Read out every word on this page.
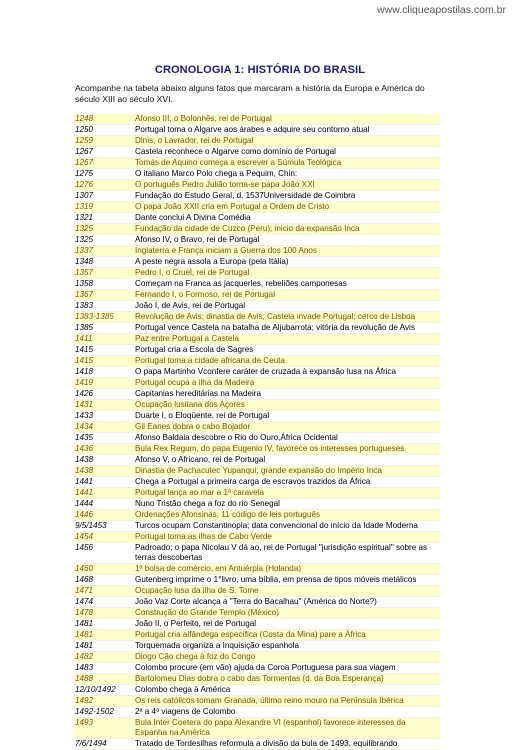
www.cliqueapostilas.com.br
CRONOLOGIA 1: HISTÓRIA DO BRASIL
Acompanhe na tabela abaixo alguns fatos que marcaram a história da Europa e América do século XIII ao século XVI.
1248	Afonso III, o Bolonhês, rei de Portugal
1250	Portugal toma o Algarve aos árabes e adquire seu contorno atual
1259	Dinis, o Lavrador, rei de Portugal
1267	Castela reconhece o Algarve como domínio de Portugal
1267	Tomás de Aquino começa a escrever a Súmula Teológica
1275	O italiano Marco Polo chega a Pequim, Chin:
1276	O português Pedro Julião torna-se papa João XXI
1307	Fundação do Estudo Geral, d. 1537Universidade de Coimbra
1319	O papa João XXII cria em Portugal a Ordem de Cristo
1321	Dante conclui A Divina Comédia
1325	Fundação da cidade de Cuzco (Peru); inicio da expansão Inca
1325	Afonso IV, o Bravo, rei de Portugal
1337	Inglaterra e França iniciam a Guerra dos 100 Anos
1348	A peste negra assola a Europa (pela Itália)
1357	Pedro I, o Cruel, rei de Portugal
1358	Começam na Franca as jacquerles, rebeliões camponesas
1367	Fernando I, o Formoso, rei de Portugal
1383	João I, de Avis, rei de Portugal
1383-1385	Revolução de Avis; dinastia de Avis; Castela invade Portugal; cerco de Lisboa
1385	Portugal vence Castela na batalha de Aljubarrota; vitória da revolução de Avis
1411	Paz entre Portugal a Castela
1415	Portugal cria a Escola de Sagres
1415	Portugal toma a cidade africana de Ceuta
1418	O papa Martinho Vconfere caráter de cruzada à expansão lusa na África
1419	Portugal ocupa a ilha da Madeira
1426	Capitanias hereditárias na Madeira
1431	Ocupação lusitana dos Açores
1433	Duarte I, o Eloqüente, rei de Portugal
1434	Gil Eanes dobra o cabo Bojador
1435	Afonso Baldaia descobre o Rio do Ouro,África Ocidental
1436	Bula Rex Regum, do papa Eugenio IV, favorece os interesses portugueses
1438	Afonso V, o Africano, rei de Portugal
1438	Dinastia de Pachacutec Yupanqui; grande expansão do Império Inca
1441	Chega a Portugal a primeira carga de escravos trazidos da África
1441	Portugal lança ao mar a 1ª caravela
1444	Nuno Tristão chega a foz do rio Senegal
1446	Ordenações Afonsinas, 11 código de leis português
9/5/1453	Turcos ocupam Constantinopla; data convencional do início da Idade Moderna
1454	Portugal toma as ilhas de Cabo Verde
1456	Padroado; o papa Nicolau V dá ao, rei de Portugal "jurisdição espiritual" sobre as terras descobertas
1460	1ª bolsa de comércio, em Antuérpia (Holanda)
1468	Gutenberg imprime o 1°livro, uma bíblia, em prensa de tipos móveis metálicos
1471	Ocupação lusa da ilha de S. Tome
1474	João Vaz Corte alcança a "Terra do Bacalhau" (América do Norte?)
1478	Construção do Grande Templo (México)
1481	João II, o Perfeito, rei de Portugal
1481	Portugal cria alfândega específica (Costa da Mina) pare a África
1481	Torquemada organiza a Inquisição espanhola
1482	Diogo Cão chega à foz do Congo
1483	Colombo procure (em vão) ajuda da Coroa Portuguesa para sua viagem
1488	Bartolomeu Dias dobra o cabo das Tormentas (d. da Boa Esperança)
12/10/1492	Colombo chega à América
1492	Os reis católicos tomam Granada, último reino mouro na Península Ibérica
1492-1502	2ª a 4ª viagens de Colombo
1493	Bula Inter Coetera do papa Alexandre VI (espanhol) favorece interesses da Espanha na América
7/6/1494	Tratado de Tordesilhas reformula a divisão da bula de 1493, equilibrando
